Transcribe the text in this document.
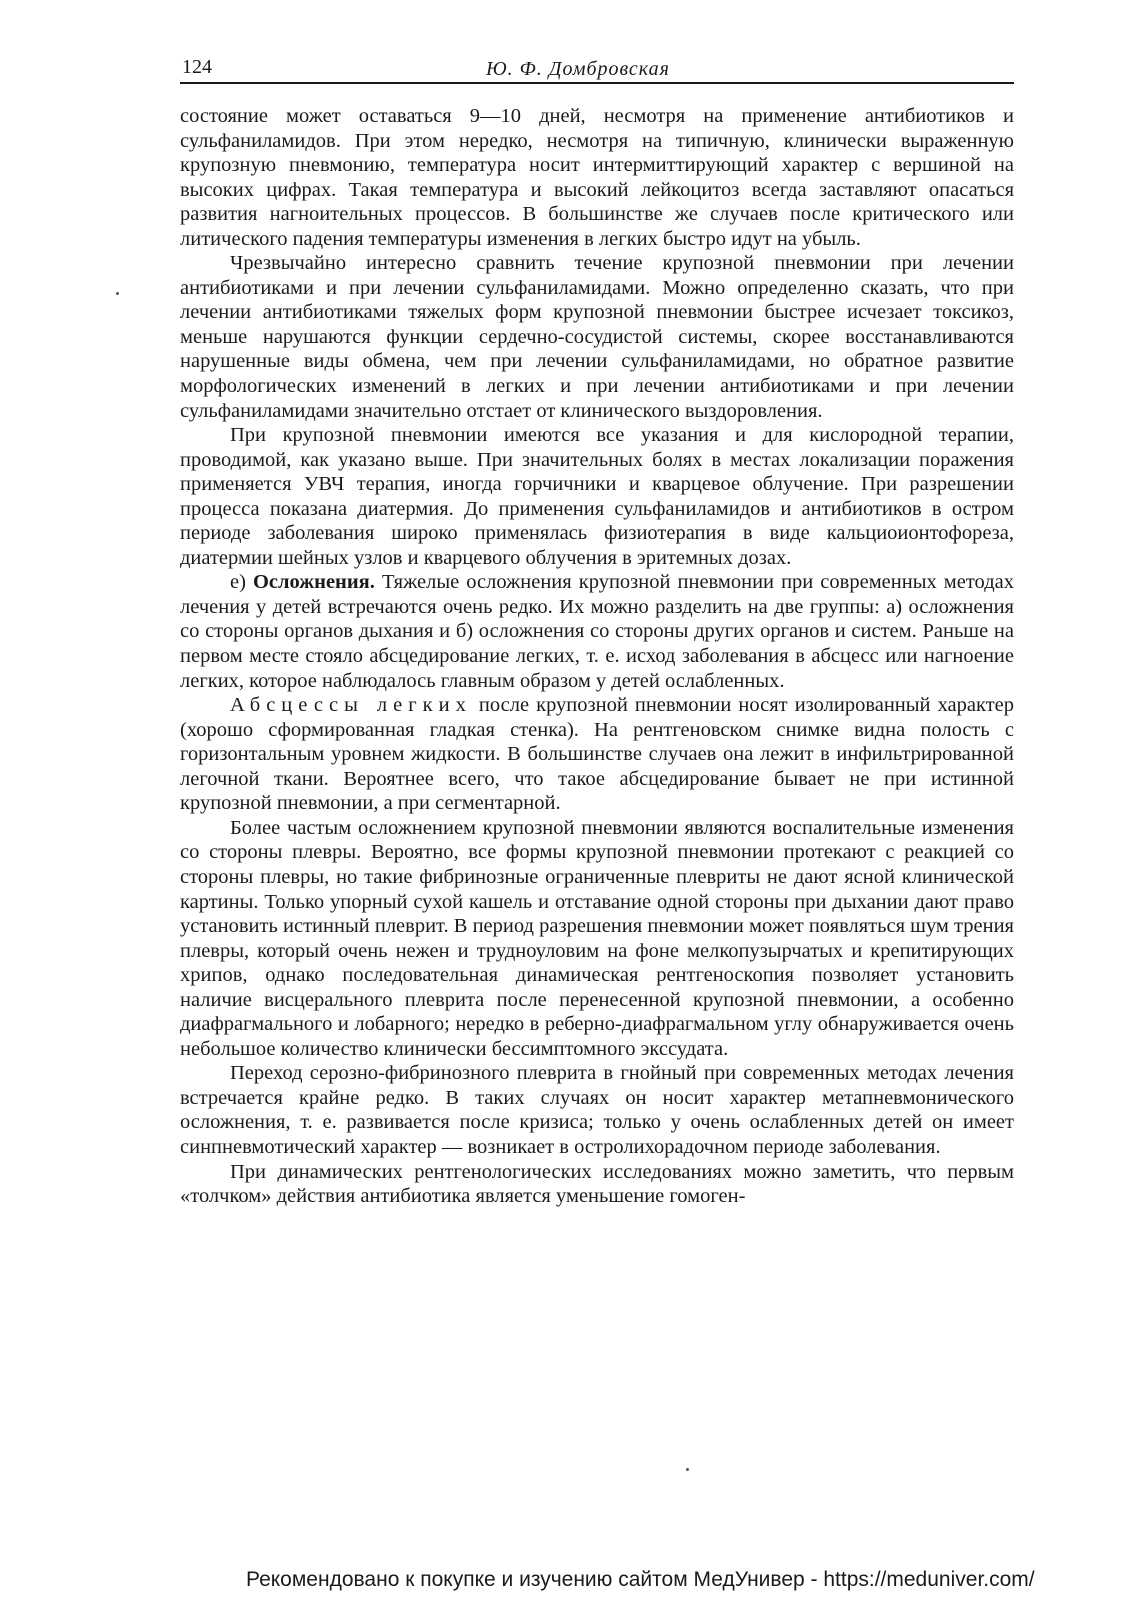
124	Ю. Ф. Домбровская

состояние может оставаться 9—10 дней, несмотря на применение антибиотиков и сульфаниламидов. При этом нередко, несмотря на типичную, клинически выраженную крупозную пневмонию, температура носит интермиттирующий характер с вершиной на высоких цифрах. Такая температура и высокий лейкоцитоз всегда заставляют опасаться развития нагноительных процессов. В большинстве же случаев после критического или литического падения температуры изменения в легких быстро идут на убыль.

Чрезвычайно интересно сравнить течение крупозной пневмонии при лечении антибиотиками и при лечении сульфаниламидами. Можно определенно сказать, что при лечении антибиотиками тяжелых форм крупозной пневмонии быстрее исчезает токсикоз, меньше нарушаются функции сердечно-сосудистой системы, скорее восстанавливаются нарушенные виды обмена, чем при лечении сульфаниламидами, но обратное развитие морфологических изменений в легких и при лечении антибиотиками и при лечении сульфаниламидами значительно отстает от клинического выздоровления.

При крупозной пневмонии имеются все указания и для кислородной терапии, проводимой, как указано выше. При значительных болях в местах локализации поражения применяется УВЧ терапия, иногда горчичники и кварцевое облучение. При разрешении процесса показана диатермия. До применения сульфаниламидов и антибиотиков в остром периоде заболевания широко применялась физиотерапия в виде кальциоионтофореза, диатермии шейных узлов и кварцевого облучения в эритемных дозах.

е) Осложнения. Тяжелые осложнения крупозной пневмонии при современных методах лечения у детей встречаются очень редко. Их можно разделить на две группы: а) осложнения со стороны органов дыхания и б) осложнения со стороны других органов и систем. Раньше на первом месте стояло абсцедирование легких, т. е. исход заболевания в абсцесс или нагноение легких, которое наблюдалось главным образом у детей ослабленных.

Абсцессы легких после крупозной пневмонии носят изолированный характер (хорошо сформированная гладкая стенка). На рентгеновском снимке видна полость с горизонтальным уровнем жидкости. В большинстве случаев она лежит в инфильтрированной легочной ткани. Вероятнее всего, что такое абсцедирование бывает не при истинной крупозной пневмонии, а при сегментарной.

Более частым осложнением крупозной пневмонии являются воспалительные изменения со стороны плевры. Вероятно, все формы крупозной пневмонии протекают с реакцией со стороны плевры, но такие фибринозные ограниченные плевриты не дают ясной клинической картины. Только упорный сухой кашель и отставание одной стороны при дыхании дают право установить истинный плеврит. В период разрешения пневмонии может появляться шум трения плевры, который очень нежен и трудноуловим на фоне мелкопузырчатых и крепитирующих хрипов, однако последовательная динамическая рентгеноскопия позволяет установить наличие висцерального плеврита после перенесенной крупозной пневмонии, а особенно диафрагмального и лобарного; нередко в реберно-диафрагмальном углу обнаруживается очень небольшое количество клинически бессимптомного экссудата.

Переход серозно-фибринозного плеврита в гнойный при современных методах лечения встречается крайне редко. В таких случаях он носит характер метапневмонического осложнения, т. е. развивается после кризиса; только у очень ослабленных детей он имеет синпневмотический характер — возникает в остролихорадочном периоде заболевания.

При динамических рентгенологических исследованиях можно заметить, что первым «толчком» действия антибиотика является уменьшение гомоген-

Рекомендовано к покупке и изучению сайтом МедУнивер - https://meduniver.com/
